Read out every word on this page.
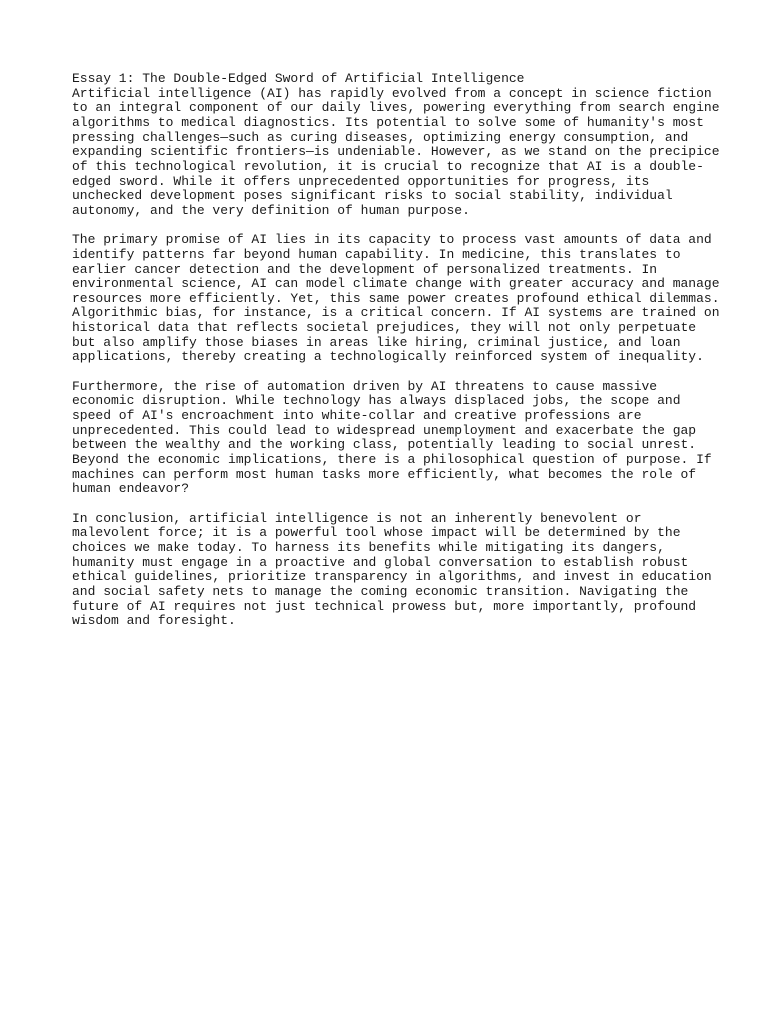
Essay 1: The Double-Edged Sword of Artificial Intelligence
Artificial intelligence (AI) has rapidly evolved from a concept in science fiction
to an integral component of our daily lives, powering everything from search engine
algorithms to medical diagnostics. Its potential to solve some of humanity's most
pressing challenges—such as curing diseases, optimizing energy consumption, and
expanding scientific frontiers—is undeniable. However, as we stand on the precipice
of this technological revolution, it is crucial to recognize that AI is a double-
edged sword. While it offers unprecedented opportunities for progress, its
unchecked development poses significant risks to social stability, individual
autonomy, and the very definition of human purpose.
The primary promise of AI lies in its capacity to process vast amounts of data and
identify patterns far beyond human capability. In medicine, this translates to
earlier cancer detection and the development of personalized treatments. In
environmental science, AI can model climate change with greater accuracy and manage
resources more efficiently. Yet, this same power creates profound ethical dilemmas.
Algorithmic bias, for instance, is a critical concern. If AI systems are trained on
historical data that reflects societal prejudices, they will not only perpetuate
but also amplify those biases in areas like hiring, criminal justice, and loan
applications, thereby creating a technologically reinforced system of inequality.
Furthermore, the rise of automation driven by AI threatens to cause massive
economic disruption. While technology has always displaced jobs, the scope and
speed of AI's encroachment into white-collar and creative professions are
unprecedented. This could lead to widespread unemployment and exacerbate the gap
between the wealthy and the working class, potentially leading to social unrest.
Beyond the economic implications, there is a philosophical question of purpose. If
machines can perform most human tasks more efficiently, what becomes the role of
human endeavor?
In conclusion, artificial intelligence is not an inherently benevolent or
malevolent force; it is a powerful tool whose impact will be determined by the
choices we make today. To harness its benefits while mitigating its dangers,
humanity must engage in a proactive and global conversation to establish robust
ethical guidelines, prioritize transparency in algorithms, and invest in education
and social safety nets to manage the coming economic transition. Navigating the
future of AI requires not just technical prowess but, more importantly, profound
wisdom and foresight.
